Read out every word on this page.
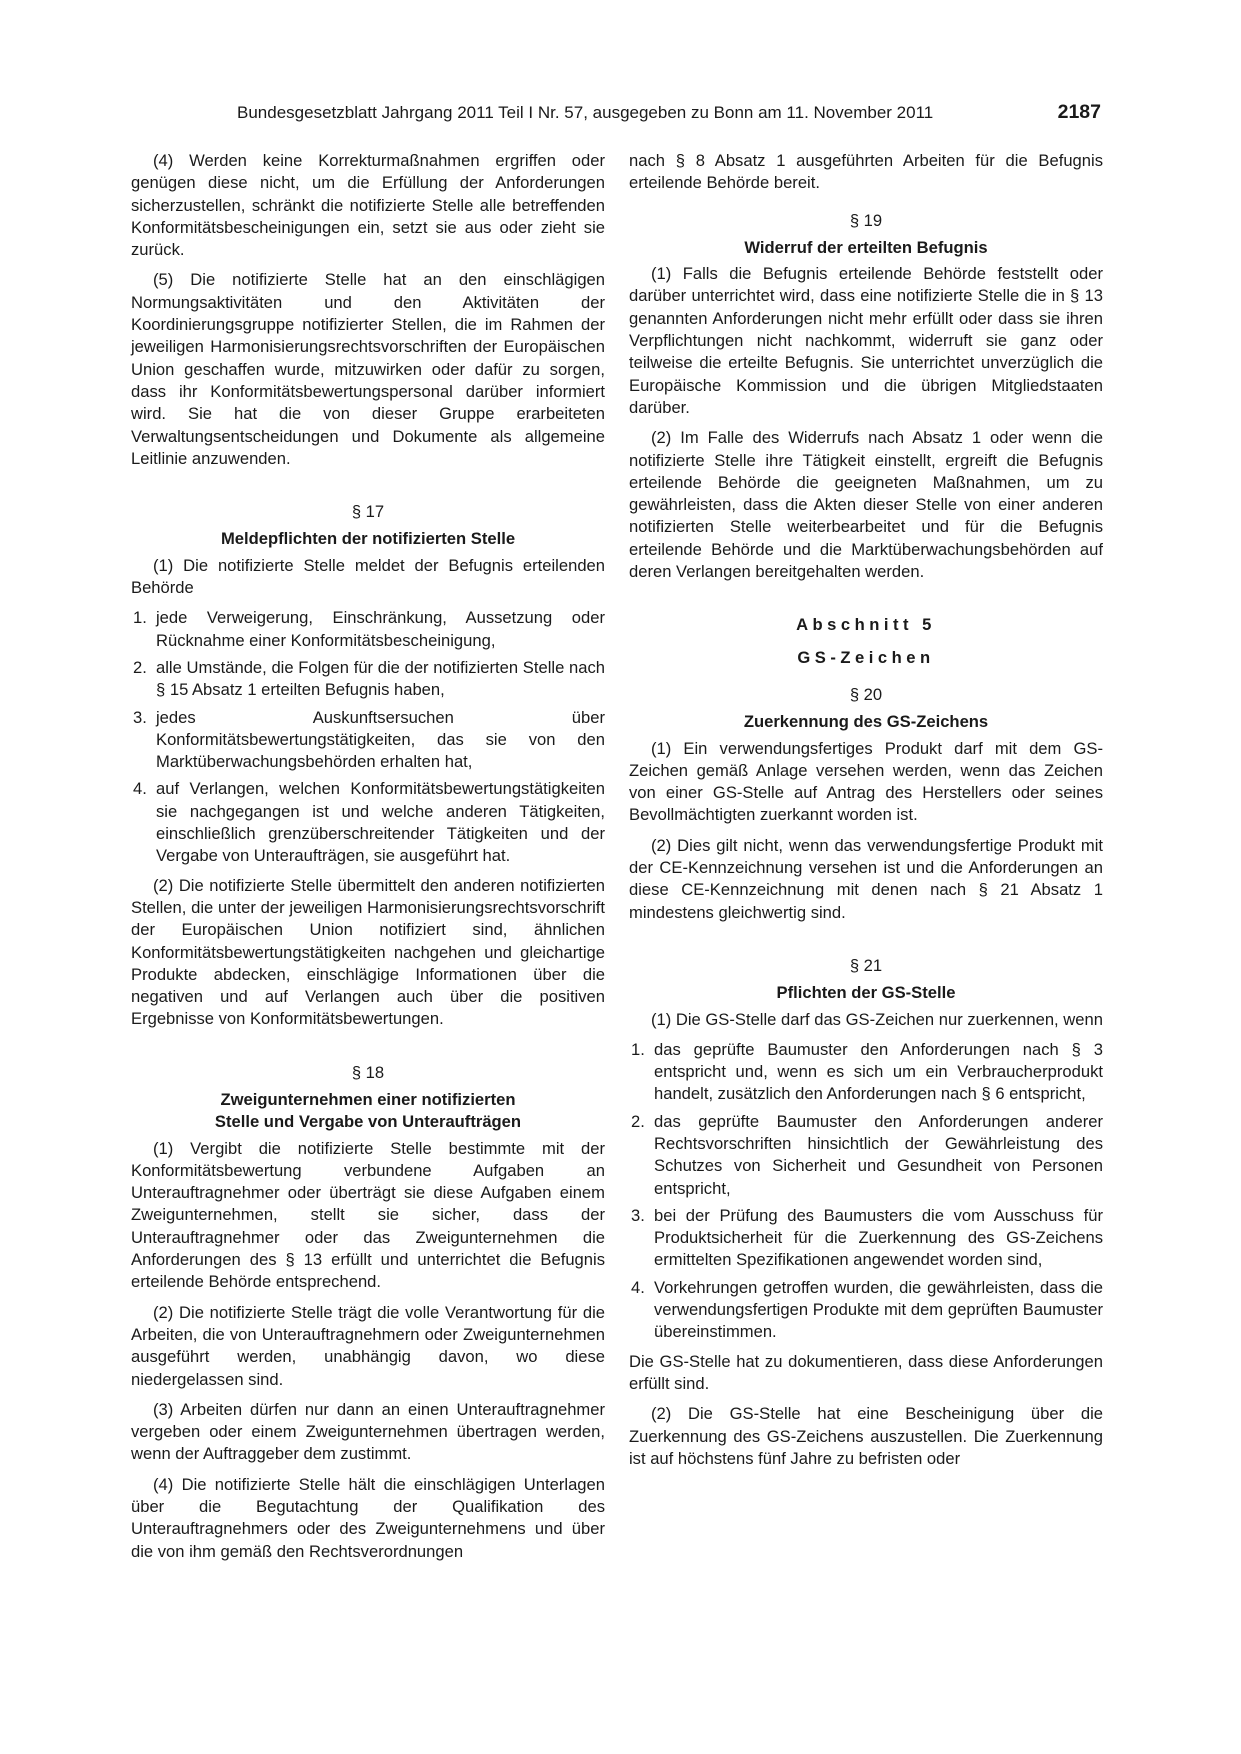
Bundesgesetzblatt Jahrgang 2011 Teil I Nr. 57, ausgegeben zu Bonn am 11. November 2011	2187

(4) Werden keine Korrekturmaßnahmen ergriffen oder genügen diese nicht, um die Erfüllung der Anforderungen sicherzustellen, schränkt die notifizierte Stelle alle betreffenden Konformitätsbescheinigungen ein, setzt sie aus oder zieht sie zurück.

(5) Die notifizierte Stelle hat an den einschlägigen Normungsaktivitäten und den Aktivitäten der Koordinierungsgruppe notifizierter Stellen, die im Rahmen der jeweiligen Harmonisierungsrechtsvorschriften der Europäischen Union geschaffen wurde, mitzuwirken oder dafür zu sorgen, dass ihr Konformitätsbewertungspersonal darüber informiert wird. Sie hat die von dieser Gruppe erarbeiteten Verwaltungsentscheidungen und Dokumente als allgemeine Leitlinie anzuwenden.

§ 17
Meldepflichten der notifizierten Stelle

(1) Die notifizierte Stelle meldet der Befugnis erteilenden Behörde

1. jede Verweigerung, Einschränkung, Aussetzung oder Rücknahme einer Konformitätsbescheinigung,
2. alle Umstände, die Folgen für die der notifizierten Stelle nach § 15 Absatz 1 erteilten Befugnis haben,
3. jedes Auskunftsersuchen über Konformitätsbewertungstätigkeiten, das sie von den Marktüberwachungsbehörden erhalten hat,
4. auf Verlangen, welchen Konformitätsbewertungstätigkeiten sie nachgegangen ist und welche anderen Tätigkeiten, einschließlich grenzüberschreitender Tätigkeiten und der Vergabe von Unteraufträgen, sie ausgeführt hat.

(2) Die notifizierte Stelle übermittelt den anderen notifizierten Stellen, die unter der jeweiligen Harmonisierungsrechtsvorschrift der Europäischen Union notifiziert sind, ähnlichen Konformitätsbewertungstätigkeiten nachgehen und gleichartige Produkte abdecken, einschlägige Informationen über die negativen und auf Verlangen auch über die positiven Ergebnisse von Konformitätsbewertungen.

§ 18
Zweigunternehmen einer notifizierten
Stelle und Vergabe von Unteraufträgen

(1) Vergibt die notifizierte Stelle bestimmte mit der Konformitätsbewertung verbundene Aufgaben an Unterauftragnehmer oder überträgt sie diese Aufgaben einem Zweigunternehmen, stellt sie sicher, dass der Unterauftragnehmer oder das Zweigunternehmen die Anforderungen des § 13 erfüllt und unterrichtet die Befugnis erteilende Behörde entsprechend.

(2) Die notifizierte Stelle trägt die volle Verantwortung für die Arbeiten, die von Unterauftragnehmern oder Zweigunternehmen ausgeführt werden, unabhängig davon, wo diese niedergelassen sind.

(3) Arbeiten dürfen nur dann an einen Unterauftragnehmer vergeben oder einem Zweigunternehmen übertragen werden, wenn der Auftraggeber dem zustimmt.

(4) Die notifizierte Stelle hält die einschlägigen Unterlagen über die Begutachtung der Qualifikation des Unterauftragnehmers oder des Zweigunternehmens und über die von ihm gemäß den Rechtsverordnungen

nach § 8 Absatz 1 ausgeführten Arbeiten für die Befugnis erteilende Behörde bereit.

§ 19
Widerruf der erteilten Befugnis

(1) Falls die Befugnis erteilende Behörde feststellt oder darüber unterrichtet wird, dass eine notifizierte Stelle die in § 13 genannten Anforderungen nicht mehr erfüllt oder dass sie ihren Verpflichtungen nicht nachkommt, widerruft sie ganz oder teilweise die erteilte Befugnis. Sie unterrichtet unverzüglich die Europäische Kommission und die übrigen Mitgliedstaaten darüber.

(2) Im Falle des Widerrufs nach Absatz 1 oder wenn die notifizierte Stelle ihre Tätigkeit einstellt, ergreift die Befugnis erteilende Behörde die geeigneten Maßnahmen, um zu gewährleisten, dass die Akten dieser Stelle von einer anderen notifizierten Stelle weiterbearbeitet und für die Befugnis erteilende Behörde und die Marktüberwachungsbehörden auf deren Verlangen bereitgehalten werden.

Abschnitt 5
GS-Zeichen
§ 20
Zuerkennung des GS-Zeichens

(1) Ein verwendungsfertiges Produkt darf mit dem GS-Zeichen gemäß Anlage versehen werden, wenn das Zeichen von einer GS-Stelle auf Antrag des Herstellers oder seines Bevollmächtigten zuerkannt worden ist.

(2) Dies gilt nicht, wenn das verwendungsfertige Produkt mit der CE-Kennzeichnung versehen ist und die Anforderungen an diese CE-Kennzeichnung mit denen nach § 21 Absatz 1 mindestens gleichwertig sind.

§ 21
Pflichten der GS-Stelle

(1) Die GS-Stelle darf das GS-Zeichen nur zuerkennen, wenn

1. das geprüfte Baumuster den Anforderungen nach § 3 entspricht und, wenn es sich um ein Verbraucherprodukt handelt, zusätzlich den Anforderungen nach § 6 entspricht,
2. das geprüfte Baumuster den Anforderungen anderer Rechtsvorschriften hinsichtlich der Gewährleistung des Schutzes von Sicherheit und Gesundheit von Personen entspricht,
3. bei der Prüfung des Baumusters die vom Ausschuss für Produktsicherheit für die Zuerkennung des GS-Zeichens ermittelten Spezifikationen angewendet worden sind,
4. Vorkehrungen getroffen wurden, die gewährleisten, dass die verwendungsfertigen Produkte mit dem geprüften Baumuster übereinstimmen.

Die GS-Stelle hat zu dokumentieren, dass diese Anforderungen erfüllt sind.

(2) Die GS-Stelle hat eine Bescheinigung über die Zuerkennung des GS-Zeichens auszustellen. Die Zuerkennung ist auf höchstens fünf Jahre zu befristen oder
